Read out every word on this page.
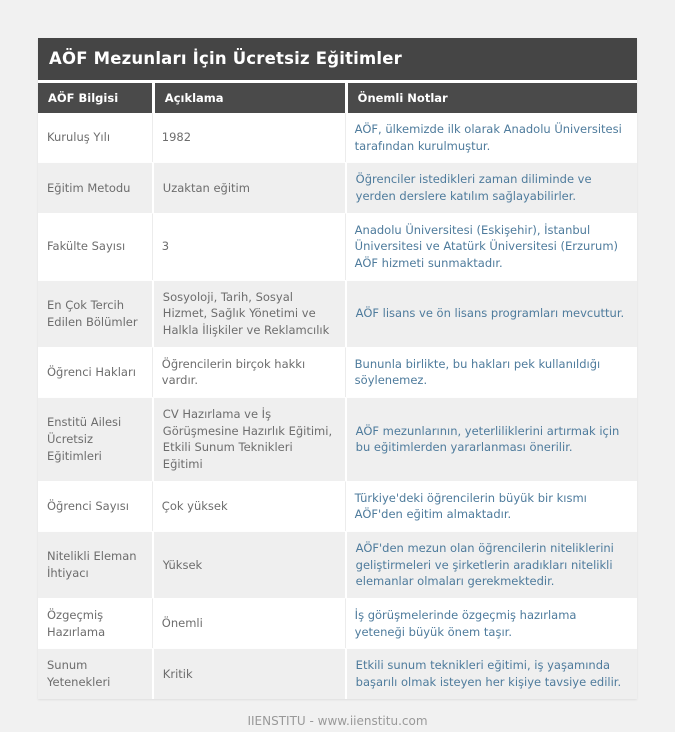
AÖF Mezunları İçin Ücretsiz Eğitimler
AÖF Bilgisi	Açıklama	Önemli Notlar
Kuruluş Yılı	1982	AÖF, ülkemizde ilk olarak Anadolu Üniversitesi tarafından kurulmuştur.
Eğitim Metodu	Uzaktan eğitim	Öğrenciler istedikleri zaman diliminde ve yerden derslere katılım sağlayabilirler.
Fakülte Sayısı	3	Anadolu Üniversitesi (Eskişehir), İstanbul Üniversitesi ve Atatürk Üniversitesi (Erzurum) AÖF hizmeti sunmaktadır.
En Çok Tercih Edilen Bölümler	Sosyoloji, Tarih, Sosyal Hizmet, Sağlık Yönetimi ve Halkla İlişkiler ve Reklamcılık	AÖF lisans ve ön lisans programları mevcuttur.
Öğrenci Hakları	Öğrencilerin birçok hakkı vardır.	Bununla birlikte, bu hakları pek kullanıldığı söylenemez.
Enstitü Ailesi Ücretsiz Eğitimleri	CV Hazırlama ve İş Görüşmesine Hazırlık Eğitimi, Etkili Sunum Teknikleri Eğitimi	AÖF mezunlarının, yeterliliklerini artırmak için bu eğitimlerden yararlanması önerilir.
Öğrenci Sayısı	Çok yüksek	Türkiye'deki öğrencilerin büyük bir kısmı AÖF'den eğitim almaktadır.
Nitelikli Eleman İhtiyacı	Yüksek	AÖF'den mezun olan öğrencilerin niteliklerini geliştirmeleri ve şirketlerin aradıkları nitelikli elemanlar olmaları gerekmektedir.
Özgeçmiş Hazırlama	Önemli	İş görüşmelerinde özgeçmiş hazırlama yeteneği büyük önem taşır.
Sunum Yetenekleri	Kritik	Etkili sunum teknikleri eğitimi, iş yaşamında başarılı olmak isteyen her kişiye tavsiye edilir.
IIENSTITU - www.iienstitu.com
